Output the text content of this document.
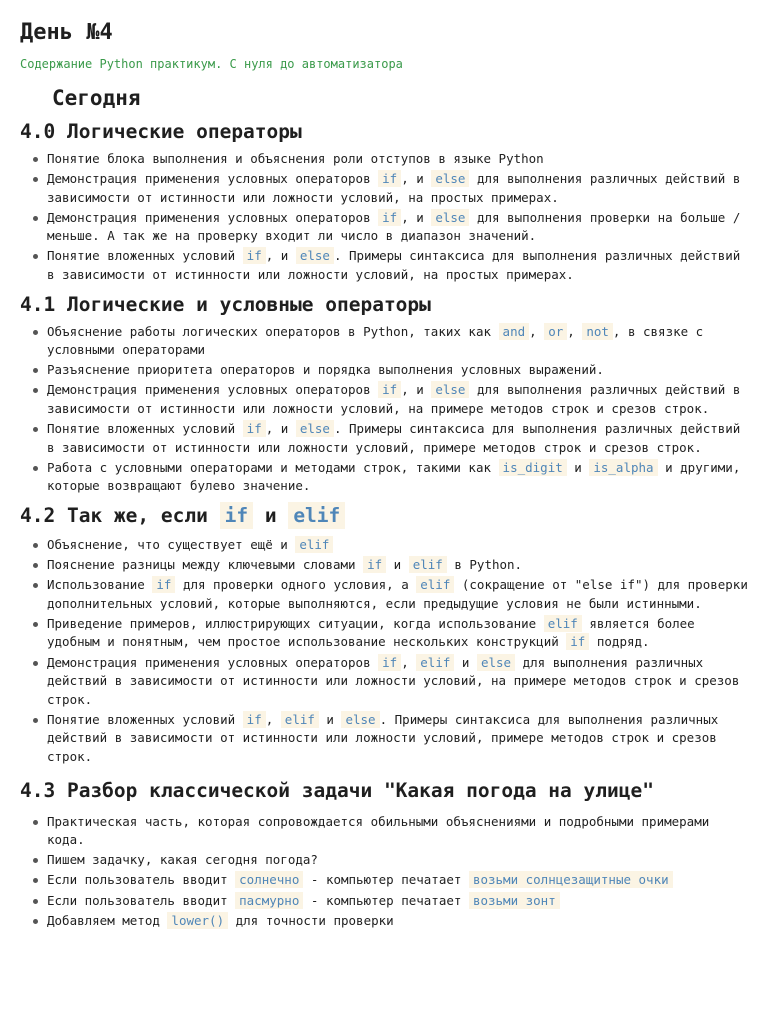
День №4
Содержание Python практикум. С нуля до автоматизатора
Сегодня
4.0 Логические операторы
Понятие блока выполнения и объяснения роли отступов в языке Python
Демонстрация применения условных операторов if , и else для выполнения различных действий в зависимости от истинности или ложности условий, на простых примерах.
Демонстрация применения условных операторов if , и else для выполнения проверки на больше / меньше. А так же на проверку входит ли число в диапазон значений.
Понятие вложенных условий if , и else . Примеры синтаксиса для выполнения различных действий в зависимости от истинности или ложности условий, на простых примерах.
4.1 Логические и условные операторы
Объяснение работы логических операторов в Python, таких как and , or , not , в связке с условными операторами
Разъяснение приоритета операторов и порядка выполнения условных выражений.
Демонстрация применения условных операторов if , и else для выполнения различных действий в зависимости от истинности или ложности условий, на примере методов строк и срезов строк.
Понятие вложенных условий if , и else . Примеры синтаксиса для выполнения различных действий в зависимости от истинности или ложности условий, примере методов строк и срезов строк.
Работа с условными операторами и методами строк, такими как is_digit и is_alpha и другими, которые возвращают булево значение.
4.2 Так же, если if и elif
Объяснение, что существует ещё и elif
Пояснение разницы между ключевыми словами if и elif в Python.
Использование if для проверки одного условия, а elif (сокращение от "else if") для проверки дополнительных условий, которые выполняются, если предыдущие условия не были истинными.
Приведение примеров, иллюстрирующих ситуации, когда использование elif является более удобным и понятным, чем простое использование нескольких конструкций if подряд.
Демонстрация применения условных операторов if , elif и else для выполнения различных действий в зависимости от истинности или ложности условий, на примере методов строк и срезов строк.
Понятие вложенных условий if , elif и else . Примеры синтаксиса для выполнения различных действий в зависимости от истинности или ложности условий, примере методов строк и срезов строк.
4.3 Разбор классической задачи "Какая погода на улице"
Практическая часть, которая сопровождается обильными объяснениями и подробными примерами кода.
Пишем задачку, какая сегодня погода?
Если пользователь вводит солнечно - компьютер печатает возьми солнцезащитные очки
Если пользователь вводит пасмурно - компьютер печатает возьми зонт
Добавляем метод lower() для точности проверки
